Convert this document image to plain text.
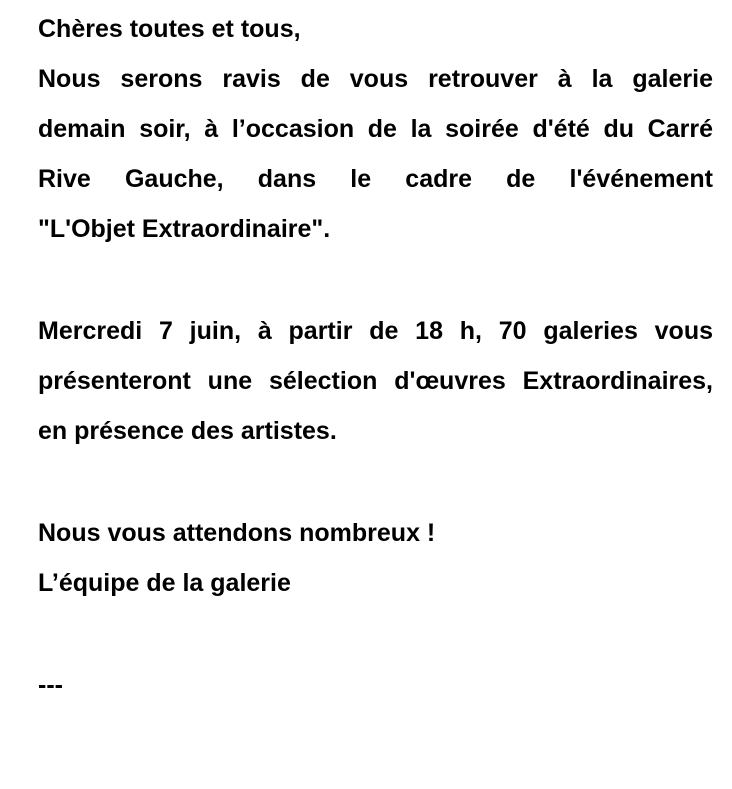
Chères toutes et tous,

Nous serons ravis de vous retrouver à la galerie

demain soir, à l’occasion de la soirée d'été du Carré

Rive Gauche, dans le cadre de l'événement

"L'Objet Extraordinaire".

Mercredi 7 juin, à partir de 18 h, 70 galeries vous

présenteront une sélection d'œuvres Extraordinaires,

en présence des artistes.

Nous vous attendons nombreux !

L’équipe de la galerie

---
